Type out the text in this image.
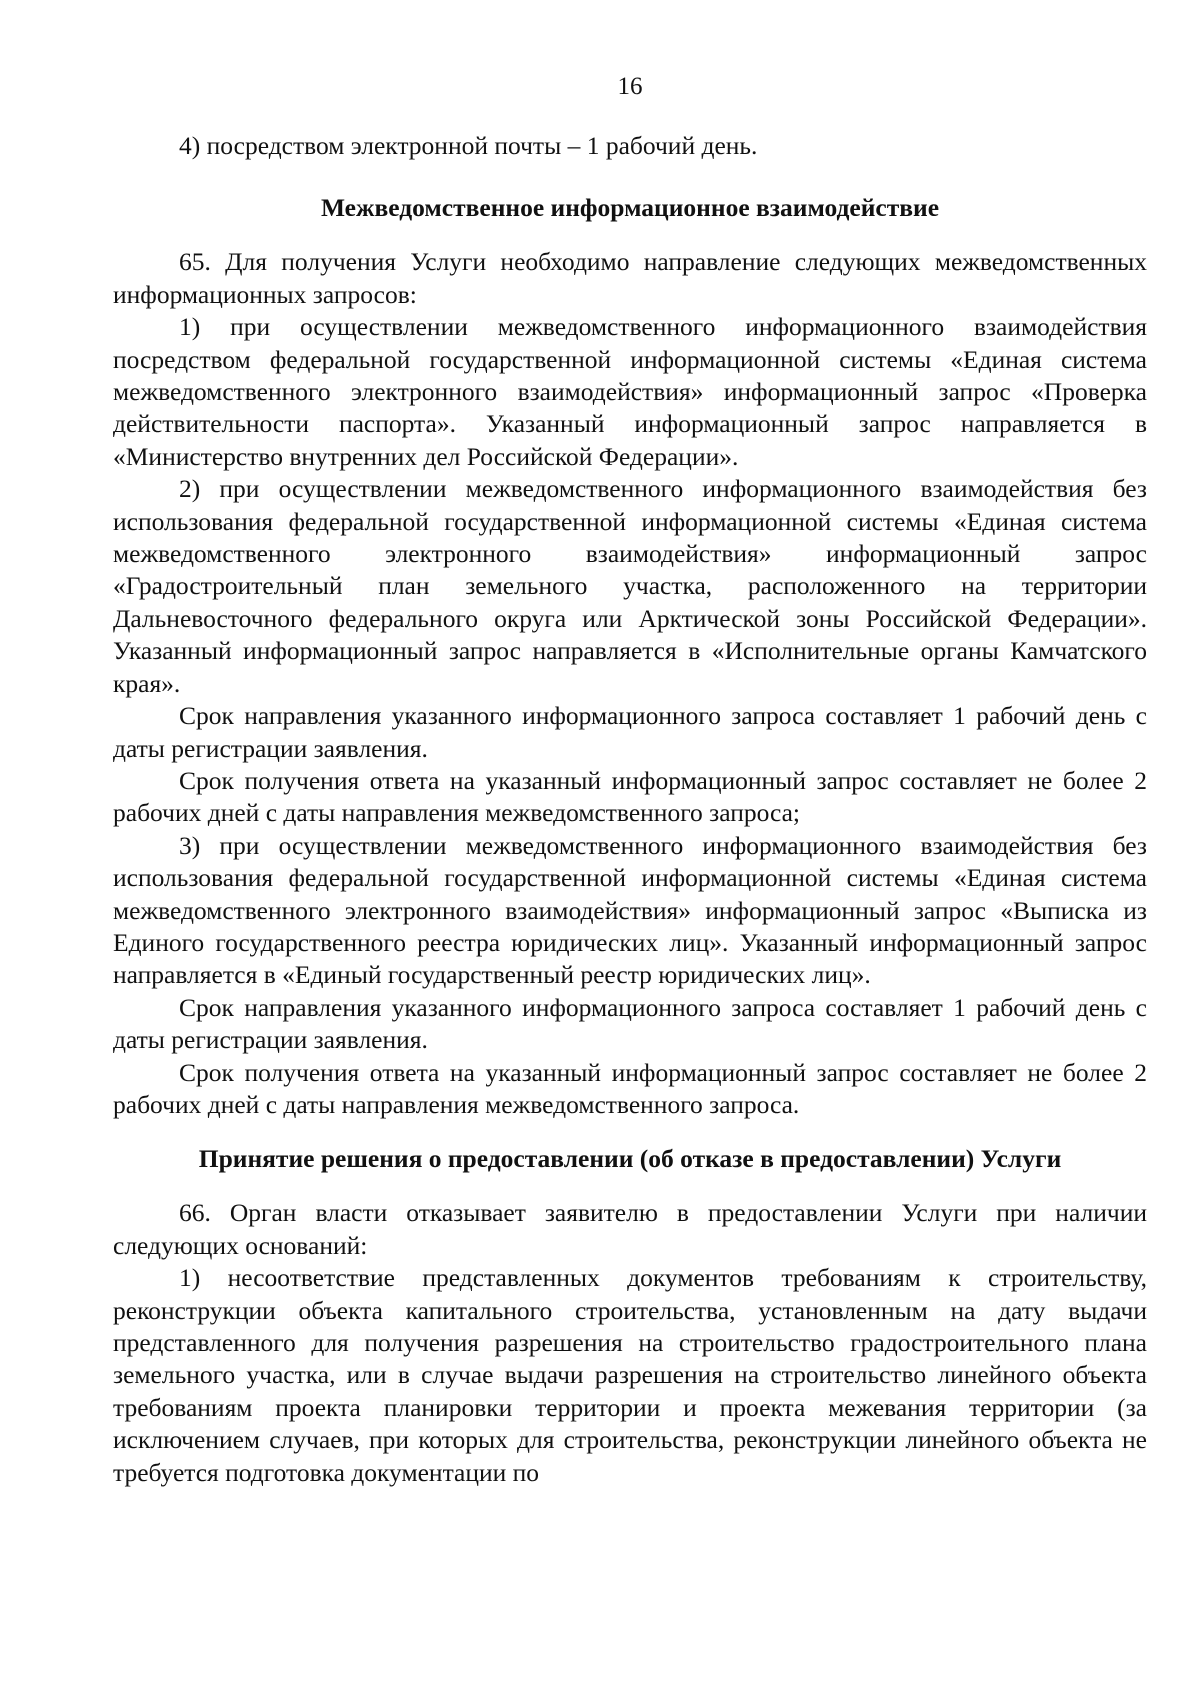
16

4) посредством электронной почты – 1 рабочий день.

Межведомственное информационное взаимодействие

65. Для получения Услуги необходимо направление следующих межведомственных информационных запросов:

1) при осуществлении межведомственного информационного взаимодействия посредством федеральной государственной информационной системы «Единая система межведомственного электронного взаимодействия» информационный запрос «Проверка действительности паспорта». Указанный информационный запрос направляется в «Министерство внутренних дел Российской Федерации».

2) при осуществлении межведомственного информационного взаимодействия без использования федеральной государственной информационной системы «Единая система межведомственного электронного взаимодействия» информационный запрос «Градостроительный план земельного участка, расположенного на территории Дальневосточного федерального округа или Арктической зоны Российской Федерации». Указанный информационный запрос направляется в «Исполнительные органы Камчатского края».

Срок направления указанного информационного запроса составляет 1 рабочий день с даты регистрации заявления.

Срок получения ответа на указанный информационный запрос составляет не более 2 рабочих дней с даты направления межведомственного запроса;

3) при осуществлении межведомственного информационного взаимодействия без использования федеральной государственной информационной системы «Единая система межведомственного электронного взаимодействия» информационный запрос «Выписка из Единого государственного реестра юридических лиц». Указанный информационный запрос направляется в «Единый государственный реестр юридических лиц».

Срок направления указанного информационного запроса составляет 1 рабочий день с даты регистрации заявления.

Срок получения ответа на указанный информационный запрос составляет не более 2 рабочих дней с даты направления межведомственного запроса.

Принятие решения о предоставлении (об отказе в предоставлении) Услуги

66. Орган власти отказывает заявителю в предоставлении Услуги при наличии следующих оснований:

1) несоответствие представленных документов требованиям к строительству, реконструкции объекта капитального строительства, установленным на дату выдачи представленного для получения разрешения на строительство градостроительного плана земельного участка, или в случае выдачи разрешения на строительство линейного объекта требованиям проекта планировки территории и проекта межевания территории (за исключением случаев, при которых для строительства, реконструкции линейного объекта не требуется подготовка документации по
